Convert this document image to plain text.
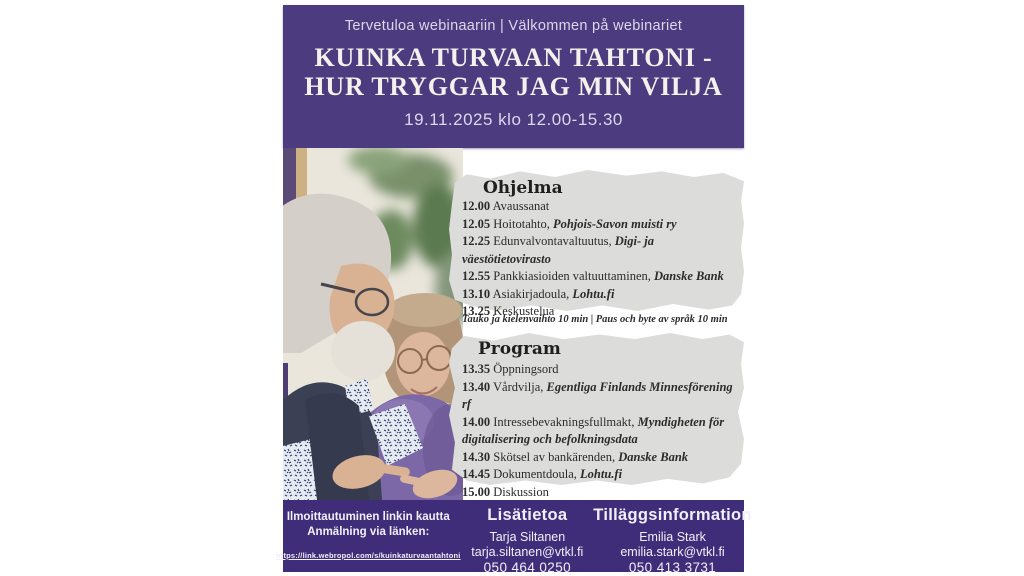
Tervetuloa webinaariin | Välkommen på webinariet
KUINKA TURVAAN TAHTONI -
HUR TRYGGAR JAG MIN VILJA
19.11.2025 klo 12.00-15.30
Ohjelma
12.00 Avaussanat
12.05 Hoitotahto, Pohjois-Savon muisti ry
12.25 Edunvalvontavaltuutus, Digi- ja väestötietovirasto
12.55 Pankkiasioiden valtuuttaminen, Danske Bank
13.10 Asiakirjadoula, Lohtu.fi
13.25 Keskustelua
Tauko ja kielenvaihto 10 min | Paus och byte av språk 10 min
Program
13.35 Öppningsord
13.40 Vårdvilja, Egentliga Finlands Minnesförening rf
14.00 Intressebevakningsfullmakt, Myndigheten för digitalisering och befolkningsdata
14.30 Skötsel av bankärenden, Danske Bank
14.45 Dokumentdoula, Lohtu.fi
15.00 Diskussion
Ilmoittautuminen linkin kautta
Anmälning via länken:
https://link.webropol.com/s/kuinkaturvaantahtoni
Lisätietoa
Tarja Siltanen
tarja.siltanen@vtkl.fi
050 464 0250
Tilläggsinformation
Emilia Stark
emilia.stark@vtkl.fi
050 413 3731
